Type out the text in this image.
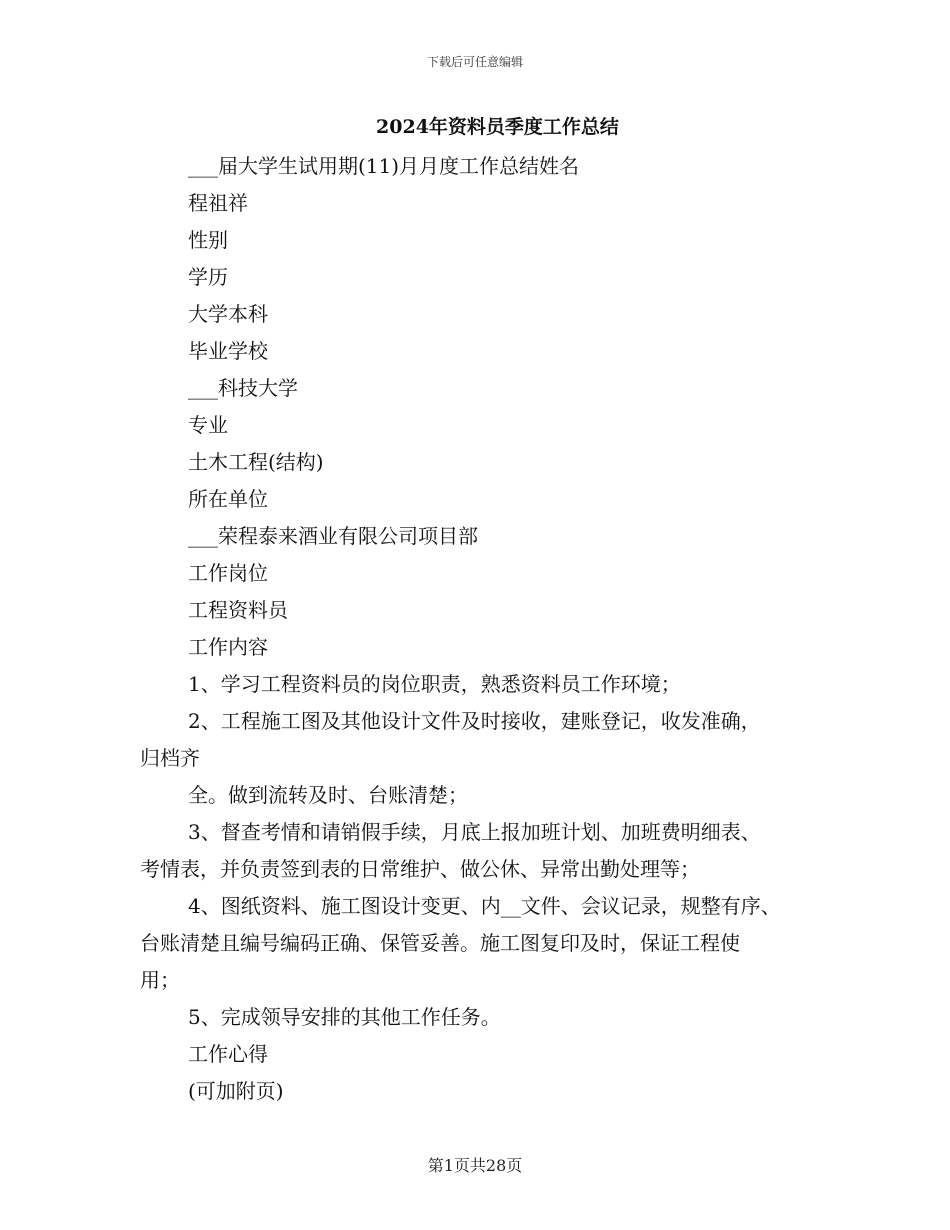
下载后可任意编辑
2024年资料员季度工作总结

___届大学生试用期(11)月月度工作总结姓名

程祖祥

性别

学历

大学本科

毕业学校

___科技大学

专业

土木工程(结构)

所在单位

___荣程泰来酒业有限公司项目部

工作岗位

工程资料员

工作内容

1、学习工程资料员的岗位职责，熟悉资料员工作环境；

2、工程施工图及其他设计文件及时接收，建账登记，收发准确，

归档齐

全。做到流转及时、台账清楚；

3、督查考情和请销假手续，月底上报加班计划、加班费明细表、

考情表，并负责签到表的日常维护、做公休、异常出勤处理等；

4、图纸资料、施工图设计变更、内__文件、会议记录，规整有序、

台账清楚且编号编码正确、保管妥善。施工图复印及时，保证工程使

用；

5、完成领导安排的其他工作任务。

工作心得

(可加附页)

第1页共28页
